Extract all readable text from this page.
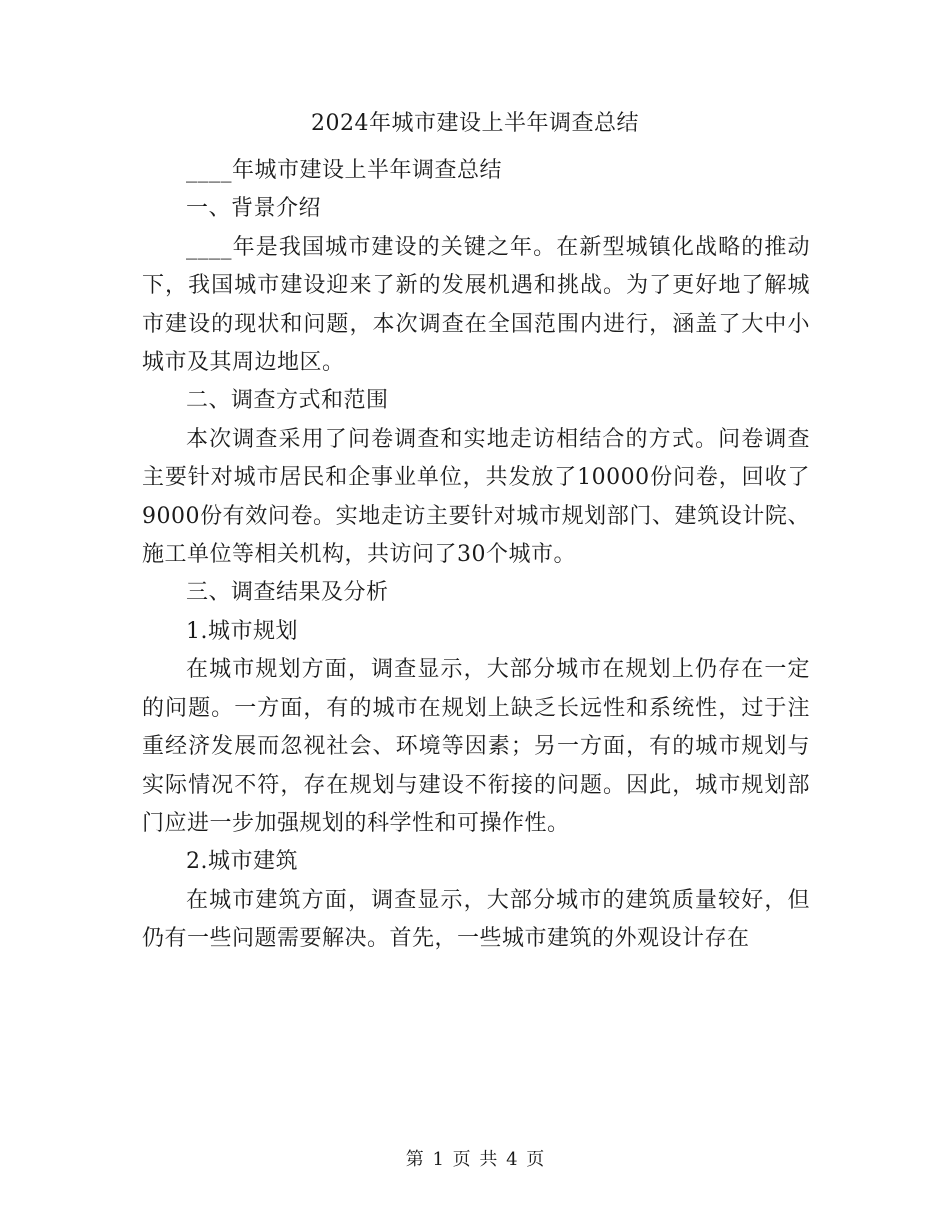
2024年城市建设上半年调查总结

____年城市建设上半年调查总结

一、背景介绍

____年是我国城市建设的关键之年。在新型城镇化战略的推动下，我国城市建设迎来了新的发展机遇和挑战。为了更好地了解城市建设的现状和问题，本次调查在全国范围内进行，涵盖了大中小城市及其周边地区。

二、调查方式和范围

本次调查采用了问卷调查和实地走访相结合的方式。问卷调查主要针对城市居民和企事业单位，共发放了10000份问卷，回收了9000份有效问卷。实地走访主要针对城市规划部门、建筑设计院、施工单位等相关机构，共访问了30个城市。

三、调查结果及分析

1.城市规划

在城市规划方面，调查显示，大部分城市在规划上仍存在一定的问题。一方面，有的城市在规划上缺乏长远性和系统性，过于注重经济发展而忽视社会、环境等因素；另一方面，有的城市规划与实际情况不符，存在规划与建设不衔接的问题。因此，城市规划部门应进一步加强规划的科学性和可操作性。

2.城市建筑

在城市建筑方面，调查显示，大部分城市的建筑质量较好，但仍有一些问题需要解决。首先，一些城市建筑的外观设计存在

第 1 页 共 4 页
